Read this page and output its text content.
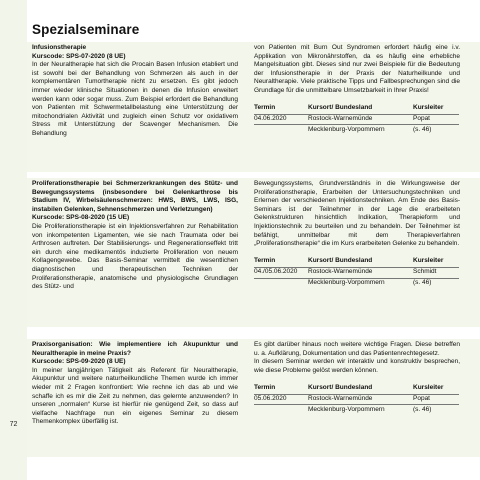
72
Spezialseminare

Infusionstherapie

Kurscode: SPS-07-2020 (8 UE)

In der Neuraltherapie hat sich die Procain Basen Infusion etabliert und ist sowohl bei der Behandlung von Schmerzen als auch in der komplementären Tumortherapie nicht zu ersetzen. Es gibt jedoch immer wieder klinische Situationen in denen die Infusion erweitert werden kann oder sogar muss. Zum Beispiel erfordert die Behandlung von Patienten mit Schwermetallbelastung eine Unterstützung der mitochondrialen Aktivität und zugleich einen Schutz vor oxidativem Stress mit Unterstützung der Scavenger Mechanismen. Die Behandlung

von Patienten mit Burn Out Syndromen erfordert häufig eine i.v. Applikation von Mikronährstoffen, da es häufig eine erhebliche Mangelsituation gibt. Dieses sind nur zwei Beispiele für die Bedeutung der Infusionstherapie in der Praxis der Naturheilkunde und Neuraltherapie. Viele praktische Tipps und Fallbesprechungen sind die Grundlage für die unmittelbare Umsetzbarkeit in Ihrer Praxis!

Termin	Kursort/ Bundesland	Kursleiter
04.06.2020	Rostock-Warnemünde	Popat
	Mecklenburg-Vorpommern	(s. 46)

Proliferationstherapie bei Schmerzerkrankungen des Stütz- und Bewegungssystems (insbesondere bei Gelenkarthrose bis Stadium IV, Wirbelsäulenschmerzen: HWS, BWS, LWS, ISG, instabilen Gelenken, Sehnenschmerzen und Verletzungen)

Kurscode: SPS-08-2020 (15 UE)

Die Proliferationstherapie ist ein Injektionsverfahren zur Rehabilitation von inkompetenten Ligamenten, wie sie nach Traumata oder bei Arthrosen auftreten. Der Stabilisierungs- und Regenerationseffekt tritt ein durch eine medikamentös induzierte Proliferation von neuem Kollagengewebe. Das Basis-Seminar vermittelt die wesentlichen diagnostischen und therapeutischen Techniken der Proliferationstherapie, anatomische und physiologische Grundlagen des Stütz- und

Bewegungssystems, Grundverständnis in die Wirkungsweise der Proliferationstherapie, Erarbeiten der Untersuchungstechniken und Erlernen der verschiedenen Injektionstechniken. Am Ende des Basis-Seminars ist der Teilnehmer in der Lage die erarbeiteten Gelenkstrukturen hinsichtlich Indikation, Therapieform und Injektionstechnik zu beurteilen und zu behandeln. Der Teilnehmer ist befähigt, unmittelbar mit dem Therapieverfahren „Proliferationstherapie“ die im Kurs erarbeiteten Gelenke zu behandeln.

Termin	Kursort/ Bundesland	Kursleiter
04./05.06.2020	Rostock-Warnemünde	Schmidt
	Mecklenburg-Vorpommern	(s. 46)

Praxisorganisation: Wie implementiere ich Akupunktur und Neuraltherapie in meine Praxis?

Kurscode: SPS-09-2020 (8 UE)

In meiner langjährigen Tätigkeit als Referent für Neuraltherapie, Akupunktur und weitere naturheilkundliche Themen wurde ich immer wieder mit 2 Fragen konfrontiert: Wie rechne ich das ab und wie schaffe ich es mir die Zeit zu nehmen, das gelernte anzuwenden? In unseren „normalen“ Kurse ist hierfür nie genügend Zeit, so dass auf vielfache Nachfrage nun ein eigenes Seminar zu diesem Themenkomplex überfällig ist.

Es gibt darüber hinaus noch weitere wichtige Fragen. Diese betreffen u. a. Aufklärung, Dokumentation und das Patientenrechtegesetz.

In diesem Seminar werden wir interaktiv und konstruktiv besprechen, wie diese Probleme gelöst werden können.

Termin	Kursort/ Bundesland	Kursleiter
05.06.2020	Rostock-Warnemünde	Popat
	Mecklenburg-Vorpommern	(s. 46)
